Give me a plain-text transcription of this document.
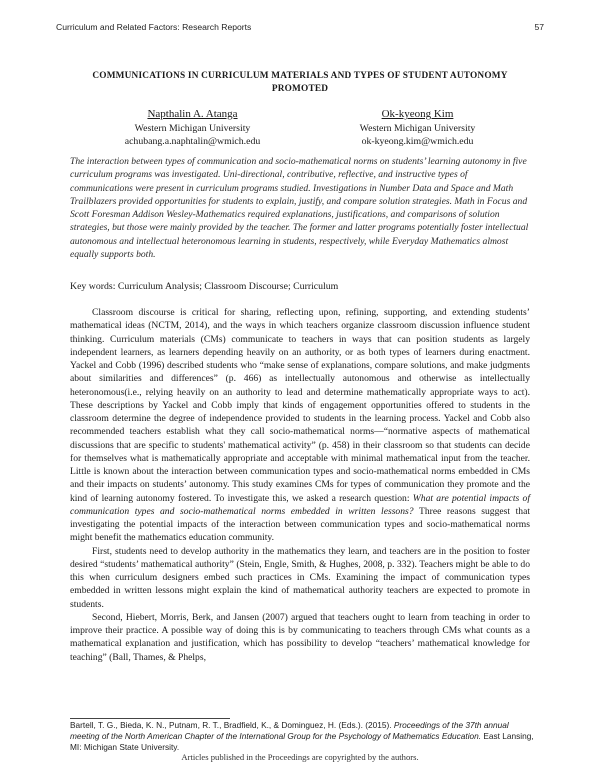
Curriculum and Related Factors: Research Reports	57
COMMUNICATIONS IN CURRICULUM MATERIALS AND TYPES OF STUDENT AUTONOMY PROMOTED
Napthalin A. Atanga
Western Michigan University
achubang.a.naphtalin@wmich.edu
Ok-kyeong Kim
Western Michigan University
ok-kyeong.kim@wmich.edu
The interaction between types of communication and socio-mathematical norms on students’ learning autonomy in five curriculum programs was investigated. Uni-directional, contributive, reflective, and instructive types of communications were present in curriculum programs studied. Investigations in Number Data and Space and Math Trailblazers provided opportunities for students to explain, justify, and compare solution strategies. Math in Focus and Scott Foresman Addison Wesley-Mathematics required explanations, justifications, and comparisons of solution strategies, but those were mainly provided by the teacher. The former and latter programs potentially foster intellectual autonomous and intellectual heteronomous learning in students, respectively, while Everyday Mathematics almost equally supports both.
Key words: Curriculum Analysis; Classroom Discourse; Curriculum

Classroom discourse is critical for sharing, reflecting upon, refining, supporting, and extending students’ mathematical ideas (NCTM, 2014), and the ways in which teachers organize classroom discussion influence student thinking. Curriculum materials (CMs) communicate to teachers in ways that can position students as largely independent learners, as learners depending heavily on an authority, or as both types of learners during enactment. Yackel and Cobb (1996) described students who “make sense of explanations, compare solutions, and make judgments about similarities and differences” (p. 466) as intellectually autonomous and otherwise as intellectually heteronomous(i.e., relying heavily on an authority to lead and determine mathematically appropriate ways to act). These descriptions by Yackel and Cobb imply that kinds of engagement opportunities offered to students in the classroom determine the degree of independence provided to students in the learning process. Yackel and Cobb also recommended teachers establish what they call socio-mathematical norms—“normative aspects of mathematical discussions that are specific to students' mathematical activity” (p. 458) in their classroom so that students can decide for themselves what is mathematically appropriate and acceptable with minimal mathematical input from the teacher. Little is known about the interaction between communication types and socio-mathematical norms embedded in CMs and their impacts on students’ autonomy. This study examines CMs for types of communication they promote and the kind of learning autonomy fostered. To investigate this, we asked a research question: What are potential impacts of communication types and socio-mathematical norms embedded in written lessons? Three reasons suggest that investigating the potential impacts of the interaction between communication types and socio-mathematical norms might benefit the mathematics education community.

First, students need to develop authority in the mathematics they learn, and teachers are in the position to foster desired “students’ mathematical authority” (Stein, Engle, Smith, & Hughes, 2008, p. 332). Teachers might be able to do this when curriculum designers embed such practices in CMs. Examining the impact of communication types embedded in written lessons might explain the kind of mathematical authority teachers are expected to promote in students.

Second, Hiebert, Morris, Berk, and Jansen (2007) argued that teachers ought to learn from teaching in order to improve their practice. A possible way of doing this is by communicating to teachers through CMs what counts as a mathematical explanation and justification, which has possibility to develop “teachers’ mathematical knowledge for teaching” (Ball, Thames, & Phelps,

Bartell, T. G., Bieda, K. N., Putnam, R. T., Bradfield, K., & Dominguez, H. (Eds.). (2015). Proceedings of the 37th annual meeting of the North American Chapter of the International Group for the Psychology of Mathematics Education. East Lansing, MI: Michigan State University.
Articles published in the Proceedings are copyrighted by the authors.
